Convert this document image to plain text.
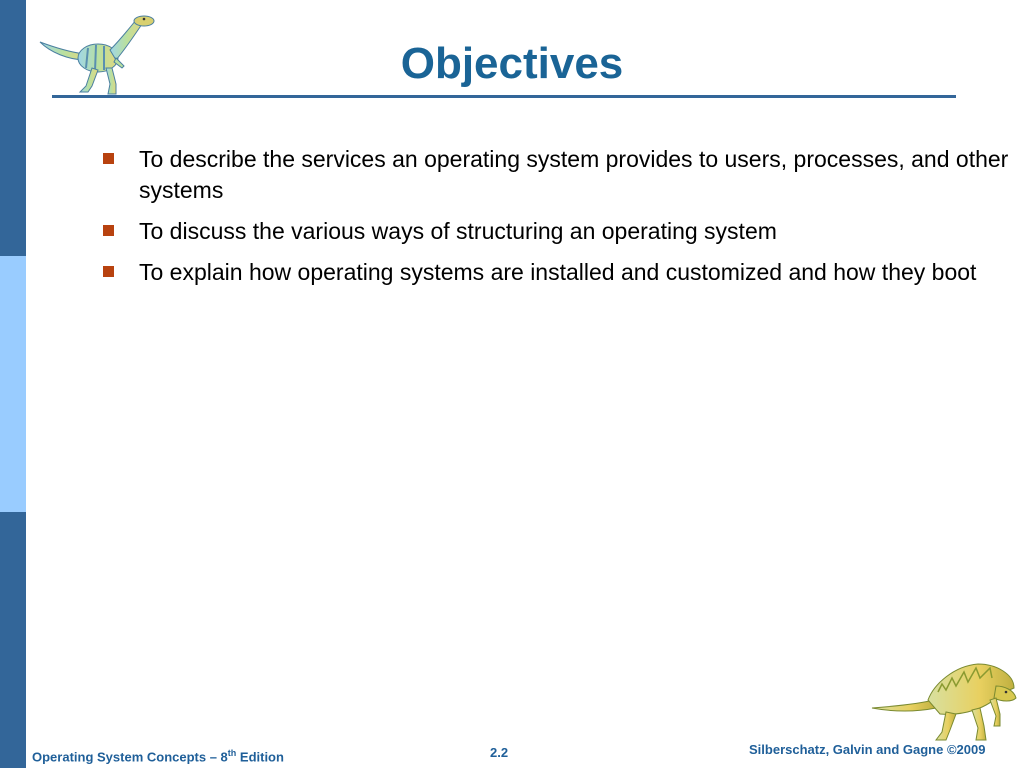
Objectives
To describe the services an operating system provides to users, processes, and other systems
To discuss the various ways of structuring an operating system
To explain how operating systems are installed and customized and how they boot
Operating System Concepts – 8th Edition	2.2	Silberschatz, Galvin and Gagne ©2009
